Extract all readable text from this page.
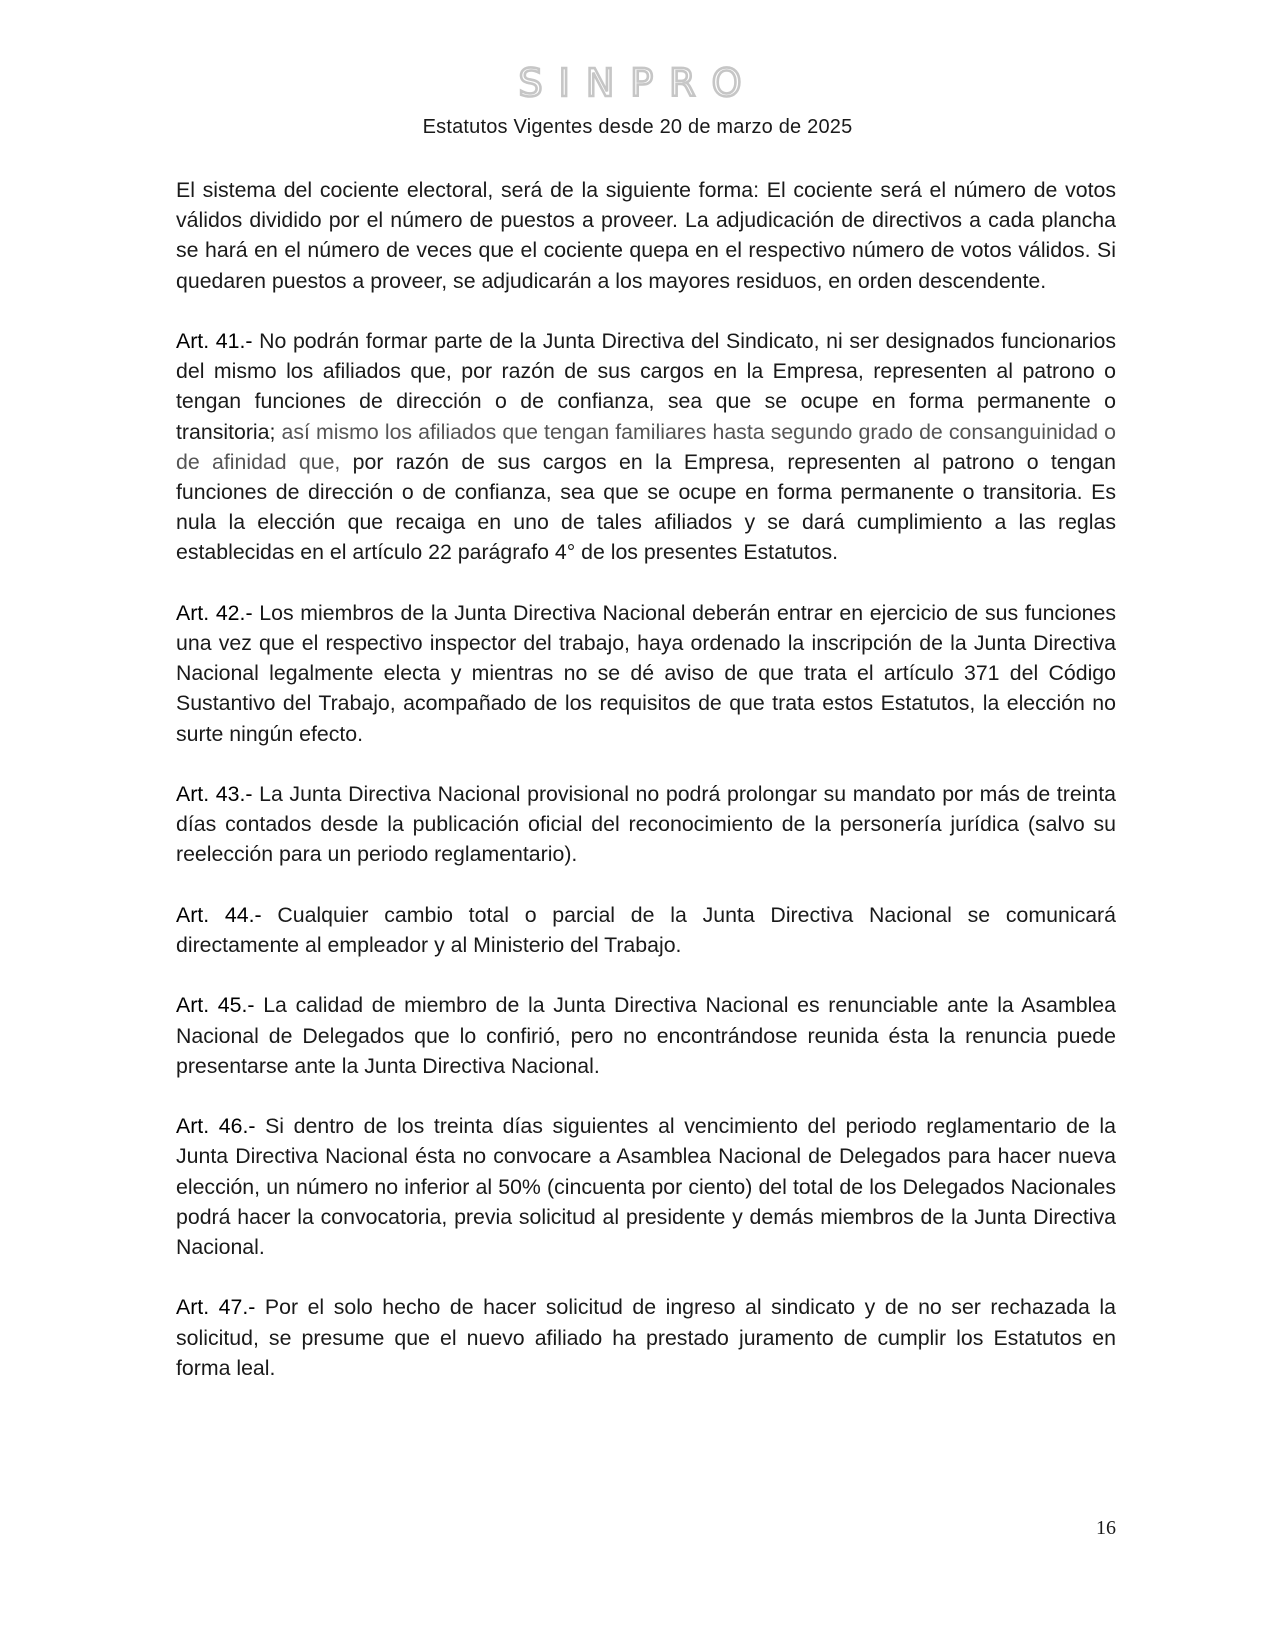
SINPRO
Estatutos Vigentes desde 20 de marzo de 2025

El sistema del cociente electoral, será de la siguiente forma: El cociente será el número de votos válidos dividido por el número de puestos a proveer. La adjudicación de directivos a cada plancha se hará en el número de veces que el cociente quepa en el respectivo número de votos válidos. Si quedaren puestos a proveer, se adjudicarán a los mayores residuos, en orden descendente.

Art. 41.- No podrán formar parte de la Junta Directiva del Sindicato, ni ser designados funcionarios del mismo los afiliados que, por razón de sus cargos en la Empresa, representen al patrono o tengan funciones de dirección o de confianza, sea que se ocupe en forma permanente o transitoria; así mismo los afiliados que tengan familiares hasta segundo grado de consanguinidad o de afinidad que, por razón de sus cargos en la Empresa, representen al patrono o tengan funciones de dirección o de confianza, sea que se ocupe en forma permanente o transitoria. Es nula la elección que recaiga en uno de tales afiliados y se dará cumplimiento a las reglas establecidas en el artículo 22 parágrafo 4° de los presentes Estatutos.

Art. 42.- Los miembros de la Junta Directiva Nacional deberán entrar en ejercicio de sus funciones una vez que el respectivo inspector del trabajo, haya ordenado la inscripción de la Junta Directiva Nacional legalmente electa y mientras no se dé aviso de que trata el artículo 371 del Código Sustantivo del Trabajo, acompañado de los requisitos de que trata estos Estatutos, la elección no surte ningún efecto.

Art. 43.- La Junta Directiva Nacional provisional no podrá prolongar su mandato por más de treinta días contados desde la publicación oficial del reconocimiento de la personería jurídica (salvo su reelección para un periodo reglamentario).

Art. 44.- Cualquier cambio total o parcial de la Junta Directiva Nacional se comunicará directamente al empleador y al Ministerio del Trabajo.

Art. 45.- La calidad de miembro de la Junta Directiva Nacional es renunciable ante la Asamblea Nacional de Delegados que lo confirió, pero no encontrándose reunida ésta la renuncia puede presentarse ante la Junta Directiva Nacional.

Art. 46.- Si dentro de los treinta días siguientes al vencimiento del periodo reglamentario de la Junta Directiva Nacional ésta no convocare a Asamblea Nacional de Delegados para hacer nueva elección, un número no inferior al 50% (cincuenta por ciento) del total de los Delegados Nacionales podrá hacer la convocatoria, previa solicitud al presidente y demás miembros de la Junta Directiva Nacional.

Art. 47.- Por el solo hecho de hacer solicitud de ingreso al sindicato y de no ser rechazada la solicitud, se presume que el nuevo afiliado ha prestado juramento de cumplir los Estatutos en forma leal.

16
